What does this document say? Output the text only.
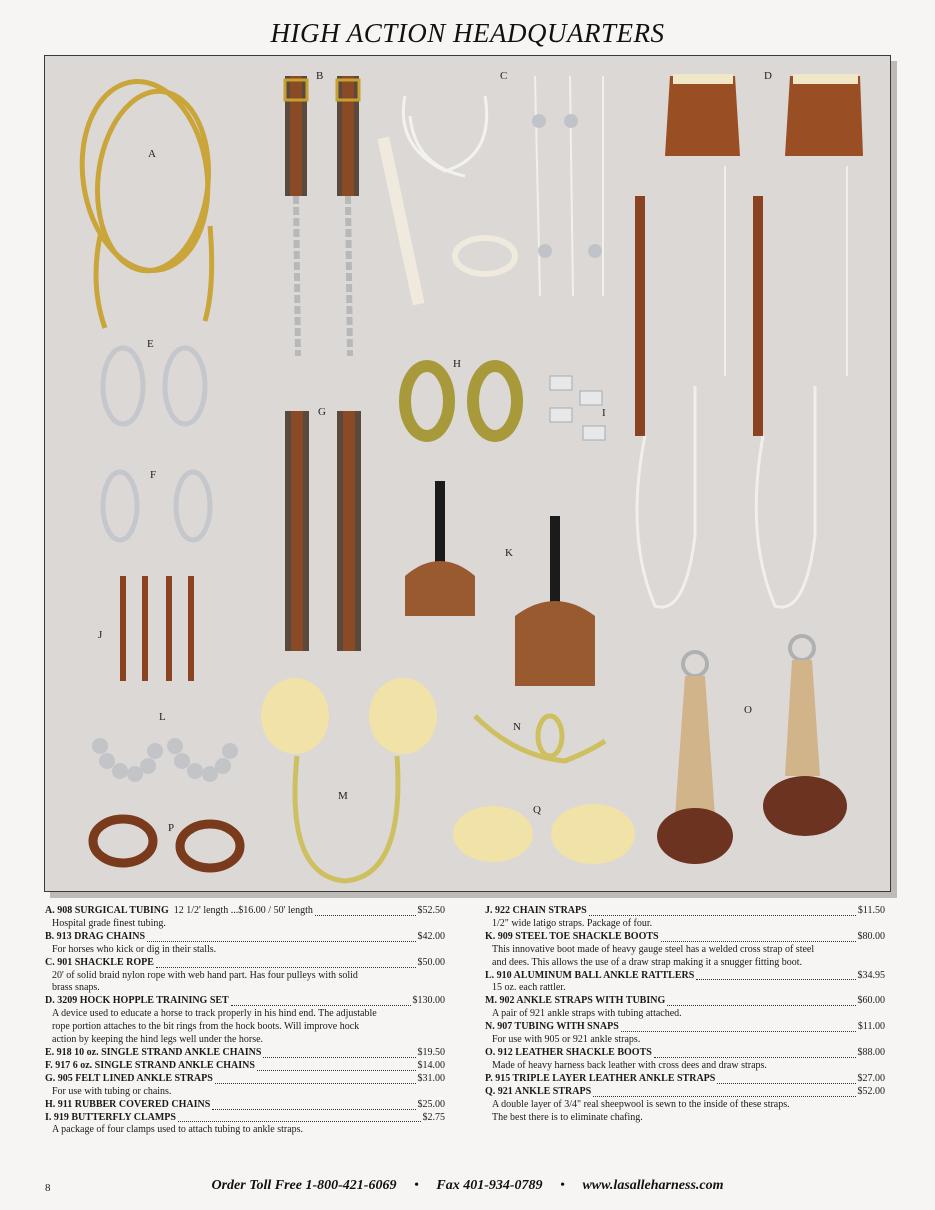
HIGH ACTION HEADQUARTERS
A
B	C	D
E
F
G
H
I
J
K
L
M
N
O
P
Q
A. 908 SURGICAL TUBING 12 1/2' length ...$16.00 / 50' length	$52.50
Hospital grade finest tubing.
B. 913 DRAG CHAINS	$42.00
For horses who kick or dig in their stalls.
C. 901 SHACKLE ROPE	$50.00
20' of solid braid nylon rope with web hand part. Has four pulleys with solid
brass snaps.
D. 3209 HOCK HOPPLE TRAINING SET	$130.00
A device used to educate a horse to track properly in his hind end. The adjustable
rope portion attaches to the bit rings from the hock boots. Will improve hock
action by keeping the hind legs well under the horse.
E. 918 10 oz. SINGLE STRAND ANKLE CHAINS	$19.50
F. 917 6 oz. SINGLE STRAND ANKLE CHAINS	$14.00
G. 905 FELT LINED ANKLE STRAPS	$31.00
For use with tubing or chains.
H. 911 RUBBER COVERED CHAINS	$25.00
I. 919 BUTTERFLY CLAMPS	$2.75
A package of four clamps used to attach tubing to ankle straps.
J. 922 CHAIN STRAPS	$11.50
1/2" wide latigo straps. Package of four.
K. 909 STEEL TOE SHACKLE BOOTS	$80.00
This innovative boot made of heavy gauge steel has a welded cross strap of steel
and dees. This allows the use of a draw strap making it a snugger fitting boot.
L. 910 ALUMINUM BALL ANKLE RATTLERS	$34.95
15 oz. each rattler.
M. 902 ANKLE STRAPS WITH TUBING	$60.00
A pair of 921 ankle straps with tubing attached.
N. 907 TUBING WITH SNAPS	$11.00
For use with 905 or 921 ankle straps.
O. 912 LEATHER SHACKLE BOOTS	$88.00
Made of heavy harness back leather with cross dees and draw straps.
P. 915 TRIPLE LAYER LEATHER ANKLE STRAPS	$27.00
Q. 921 ANKLE STRAPS	$52.00
A double layer of 3/4" real sheepwool is sewn to the inside of these straps.
The best there is to eliminate chafing.
8	Order Toll Free 1-800-421-6069 • Fax 401-934-0789 • www.lasalleharness.com
